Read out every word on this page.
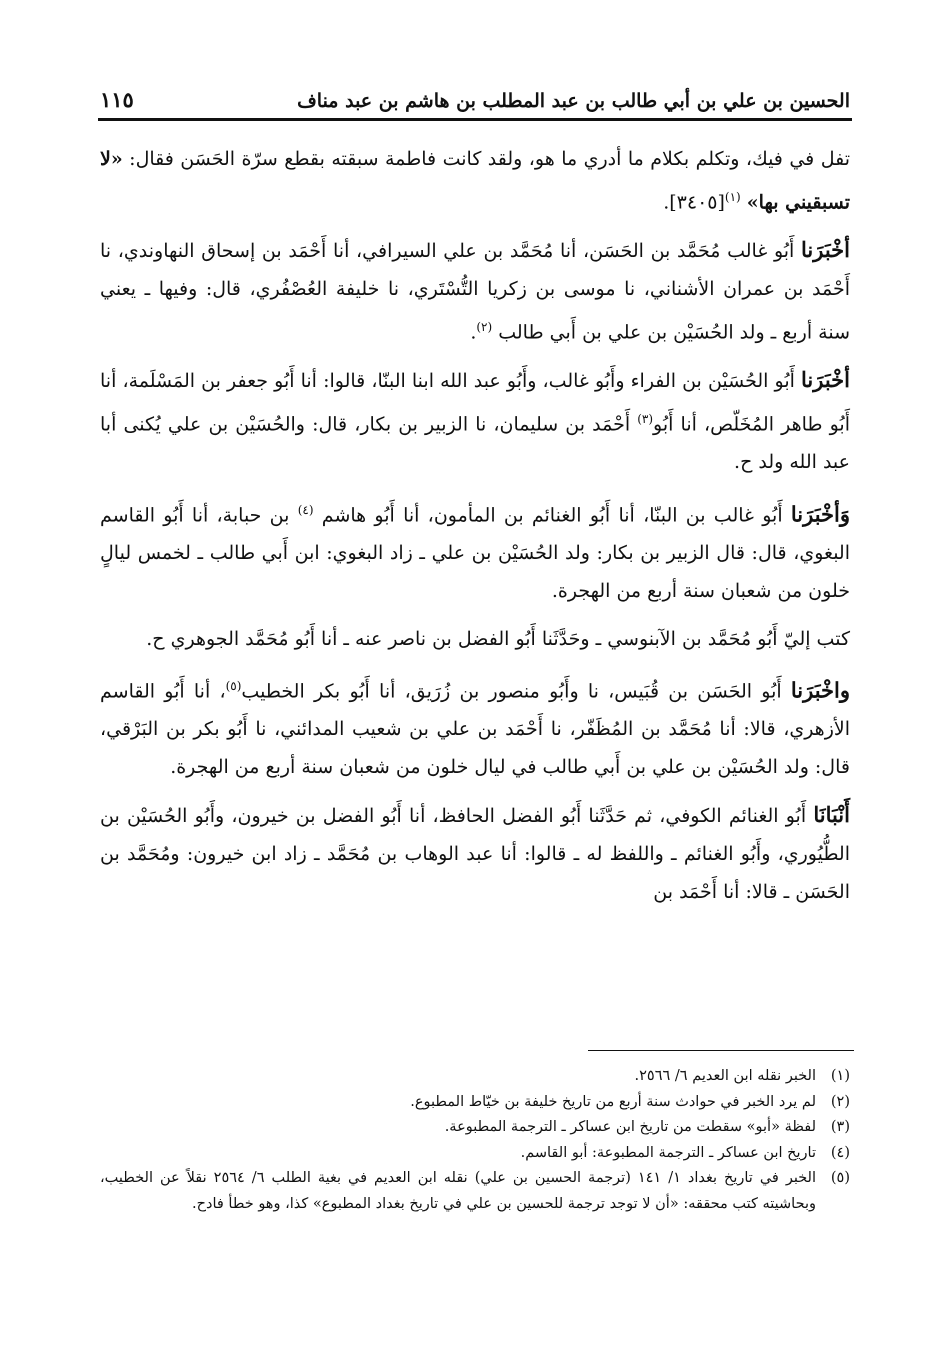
الحسين بن علي بن أبي طالب بن عبد المطلب بن هاشم بن عبد مناف
١١٥

تفل في فيك، وتكلم بكلام ما أدري ما هو، ولقد كانت فاطمة سبقته بقطع سرّة الحَسَن فقال: «لا تسبقيني بها» $^{(١)}$[٣٤٠٥].

أخْبَرَنا أَبُو غالب مُحَمَّد بن الحَسَن، أنا مُحَمَّد بن علي السيرافي، أنا أَحْمَد بن إسحاق النهاوندي، نا أَحْمَد بن عمران الأشناني، نا موسى بن زكريا التُّسْتَري، نا خليفة العُصْفُري، قال: وفيها ـ يعني سنة أربع ـ ولد الحُسَيْن بن علي بن أَبي طالب $^{(٢)}$.

أخْبَرَنا أَبُو الحُسَيْن بن الفراء وأَبُو غالب، وأَبُو عبد الله ابنا البنّا، قالوا: أنا أَبُو جعفر بن المَسْلَمة، أنا أَبُو طاهر المُخَلّص، أنا أَبُو$^{(٣)}$ أَحْمَد بن سليمان، نا الزبير بن بكار، قال: والحُسَيْن بن علي يُكنى أبا عبد الله ولد ح.

وَأخْبَرَنا أَبُو غالب بن البنّا، أنا أَبُو الغنائم بن المأمون، أنا أَبُو هاشم $^{(٤)}$ بن حبابة، أنا أَبُو القاسم البغوي، قال: قال الزبير بن بكار: ولد الحُسَيْن بن علي ـ زاد البغوي: ابن أَبي طالب ـ لخمس ليالٍ خلون من شعبان سنة أربع من الهجرة.

كتب إليّ أَبُو مُحَمَّد بن الآبنوسي ـ وحَدَّثَنا أَبُو الفضل بن ناصر عنه ـ أنا أَبُو مُحَمَّد الجوهري ح.

واخْبَرَنا أَبُو الحَسَن بن قُبَيس، نا وأَبُو منصور بن زُرَيق، أنا أَبُو بكر الخطيب$^{(٥)}$، أنا أَبُو القاسم الأزهري، قالا: أنا مُحَمَّد بن المُظَفّر، نا أَحْمَد بن علي بن شعيب المدائني، نا أَبُو بكر بن البَرْقي، قال: ولد الحُسَيْن بن علي بن أَبي طالب في ليال خلون من شعبان سنة أربع من الهجرة.

أَنْبَانَا أَبُو الغنائم الكوفي، ثم حَدَّثَنا أَبُو الفضل الحافظ، أنا أَبُو الفضل بن خيرون، وأَبُو الحُسَيْن بن الطُّيُوري، وأَبُو الغنائم ـ واللفظ له ـ قالوا: أنا عبد الوهاب بن مُحَمَّد ـ زاد ابن خيرون: ومُحَمَّد بن الحَسَن ـ قالا: أنا أَحْمَد بن

(١)
الخبر نقله ابن العديم ٦/ ٢٥٦٦.
(٢)
لم يرد الخبر في حوادث سنة أربع من تاريخ خليفة بن خيّاط المطبوع.
(٣)
لفظة «أبو» سقطت من تاريخ ابن عساكر ـ الترجمة المطبوعة.
(٤)
تاريخ ابن عساكر ـ الترجمة المطبوعة: أبو القاسم.
(٥)
الخبر في تاريخ بغداد ١/ ١٤١ (ترجمة الحسين بن علي) نقله ابن العديم في بغية الطلب ٦/ ٢٥٦٤ نقلاً عن الخطيب، وبحاشيته كتب محققه: «أن لا توجد ترجمة للحسين بن علي في تاريخ بغداد المطبوع» كذا، وهو خطأ فادح.
